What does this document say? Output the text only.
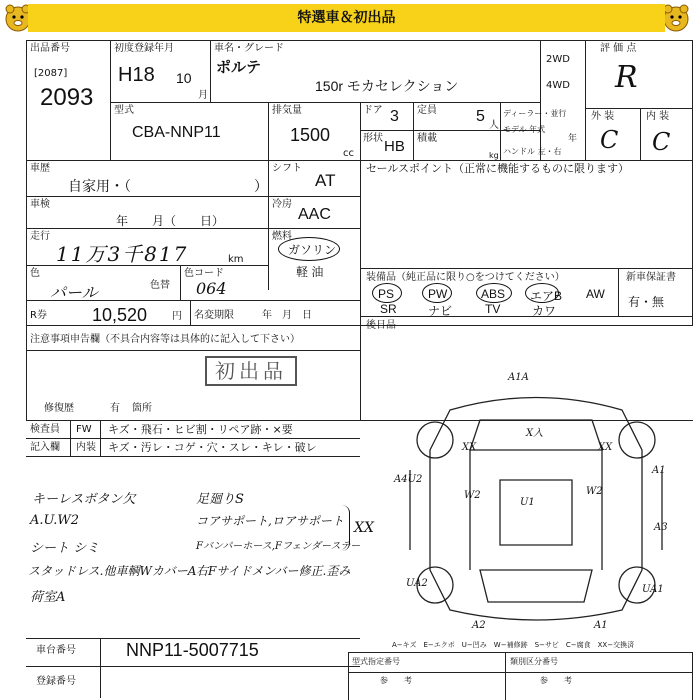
特選車＆初出品
出品番号
[2087]
2093
初度登録年月
H18 10
月
車名・グレード
ポルテ
150r モカセレクション
2WD
4WD
評 価 点
R
型式
CBA-NNP11
排気量
1500
cc
ドア 3 定員 5
人
ディーラー・並行
モデル 年式
年
形状 HB 積載
kg ハンドル 左・右
外 装	内 装
C C
車歴
自家用・（	）
シフト
AT
セールスポイント（正常に機能するものに限ります）
車検
年　　月（　　日）
冷房
AAC
走行
11万3千817	km
燃料
ガソリン
軽 油
色
パール	色替
色コード
064
装備品（純正品に限り○をつけてください）	新車保証書
有・無
PS	PW	ABS エアB AW
SR	ナビ	TV	カワ
R券	10,520 円 名変期限	年　月　日
後日品
注意事項申告欄（不具合内容等は具体的に記入して下さい）
初出品
修復歴	有 箇所
検査員 FW キズ・飛石・ヒビ割・リペア跡・×要
記入欄 内装 キズ・汚レ・コゲ・穴・スレ・キレ・破レ
キーレスボタン欠
A.U.W2
シート シミ
スタッドレス.他車輌WカバーA
荷室A
足廻りS
コアサポート,ロアサポート
Fバンパーホース,Fフェンダーステー
右Fサイドメンバー修正.歪み
XX
車台番号	NNP11-5007715
登録番号
A−キズ　E−エクボ　U−凹み　W−補修跡　S−サビ　C−腐食　XX−交換済
型式指定番号
参　　考
類別区分番号
参　　考
A1A
XX
X入
XX
A4U2
W2
U1
W2
A1
A3
UA2
UA1
A2	A1
